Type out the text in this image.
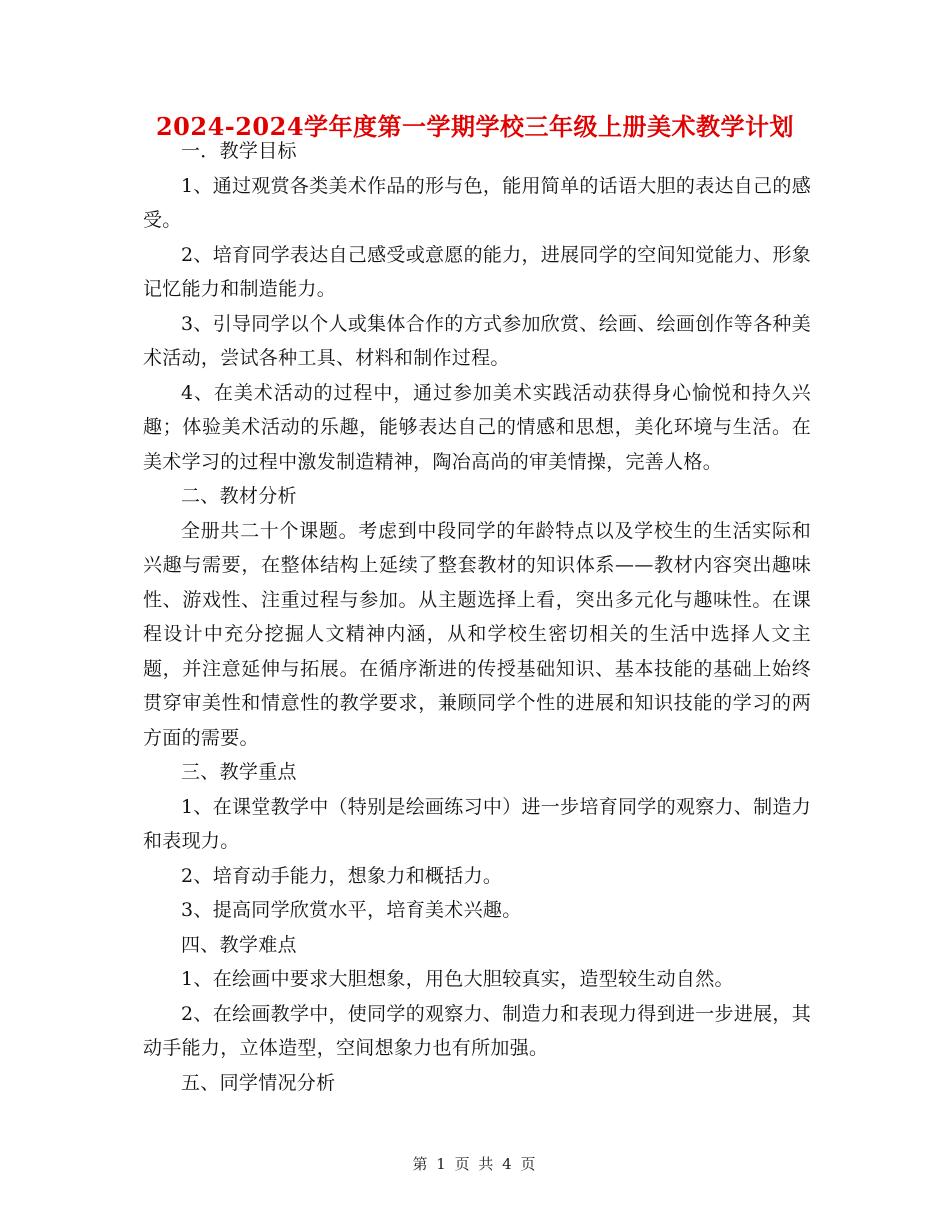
2024-2024学年度第一学期学校三年级上册美术教学计划

一．教学目标

1、通过观赏各类美术作品的形与色，能用简单的话语大胆的表达自己的感受。

2、培育同学表达自己感受或意愿的能力，进展同学的空间知觉能力、形象记忆能力和制造能力。

3、引导同学以个人或集体合作的方式参加欣赏、绘画、绘画创作等各种美术活动，尝试各种工具、材料和制作过程。

4、在美术活动的过程中，通过参加美术实践活动获得身心愉悦和持久兴趣；体验美术活动的乐趣，能够表达自己的情感和思想，美化环境与生活。在美术学习的过程中激发制造精神，陶冶高尚的审美情操，完善人格。

二、教材分析

全册共二十个课题。考虑到中段同学的年龄特点以及学校生的生活实际和兴趣与需要，在整体结构上延续了整套教材的知识体系——教材内容突出趣味性、游戏性、注重过程与参加。从主题选择上看，突出多元化与趣味性。在课程设计中充分挖掘人文精神内涵，从和学校生密切相关的生活中选择人文主题，并注意延伸与拓展。在循序渐进的传授基础知识、基本技能的基础上始终贯穿审美性和情意性的教学要求，兼顾同学个性的进展和知识技能的学习的两方面的需要。

三、教学重点

1、在课堂教学中（特别是绘画练习中）进一步培育同学的观察力、制造力和表现力。

2、培育动手能力，想象力和概括力。

3、提高同学欣赏水平，培育美术兴趣。

四、教学难点

1、在绘画中要求大胆想象，用色大胆较真实，造型较生动自然。

2、在绘画教学中，使同学的观察力、制造力和表现力得到进一步进展，其动手能力，立体造型，空间想象力也有所加强。

五、同学情况分析

第 1 页 共 4 页
